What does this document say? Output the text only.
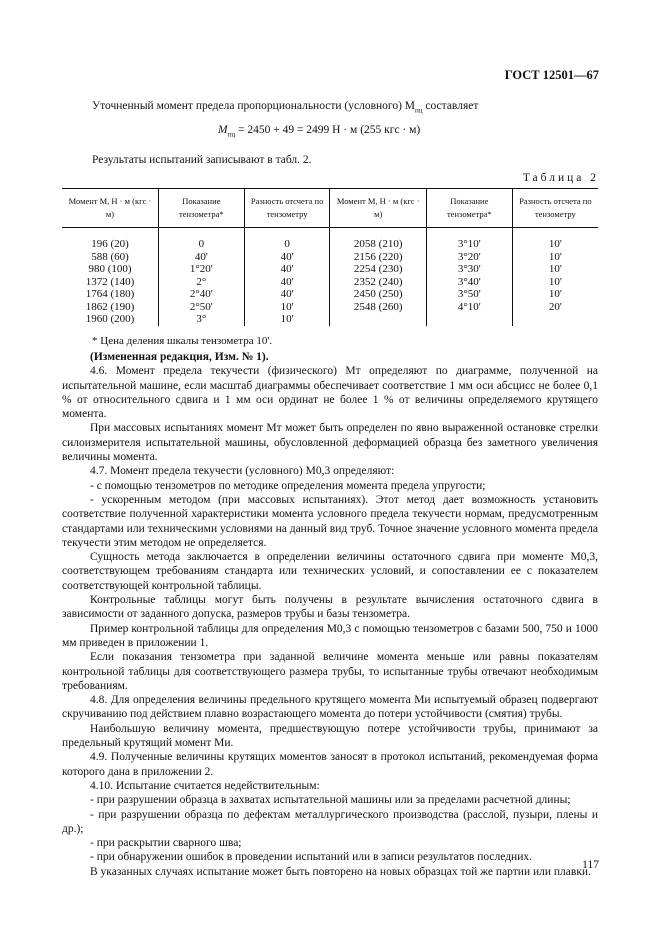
ГОСТ 12501—67
Уточненный момент предела пропорциональности (условного) $M_{пц}$ составляет
$M_{пц} = 2450 + 49 = 2499$ Н · м (255 кгс · м)
Результаты испытаний записывают в табл. 2.
Таблица 2
Момент M, Н · м (кгс · м)	Показание тензометра*	Разность отсчета по тензометру	Момент M, Н · м (кгс · м)	Показание тензометра*	Разность отсчета по тензометру
196 (20)	0	0	2058 (210)	3°10'	10'
588 (60)	40'	40'	2156 (220)	3°20'	10'
980 (100)	1°20'	40'	2254 (230)	3°30'	10'
1372 (140)	2°	40'	2352 (240)	3°40'	10'
1764 (180)	2°40'	40'	2450 (250)	3°50'	10'
1862 (190)	2°50'	10'	2548 (260)	4°10'	20'
1960 (200)	3°	10'			
* Цена деления шкалы тензометра 10'.

(Измененная редакция, Изм. № 1).

4.6. Момент предела текучести (физического) Mт определяют по диаграмме, полученной на испытательной машине, если масштаб диаграммы обеспечивает соответствие 1 мм оси абсцисс не более 0,1 % от относительного сдвига и 1 мм оси ординат не более 1 % от величины определяемого крутящего момента.

При массовых испытаниях момент Mт может быть определен по явно выраженной остановке стрелки силоизмерителя испытательной машины, обусловленной деформацией образца без заметного увеличения величины момента.

4.7. Момент предела текучести (условного) M0,3 определяют:

- с помощью тензометров по методике определения момента предела упругости;

- ускоренным методом (при массовых испытаниях). Этот метод дает возможность установить соответствие полученной характеристики момента условного предела текучести нормам, предусмотренным стандартами или техническими условиями на данный вид труб. Точное значение условного момента предела текучести этим методом не определяется.

Сущность метода заключается в определении величины остаточного сдвига при моменте M0,3, соответствующем требованиям стандарта или технических условий, и сопоставлении ее с показателем соответствующей контрольной таблицы.

Контрольные таблицы могут быть получены в результате вычисления остаточного сдвига в зависимости от заданного допуска, размеров трубы и базы тензометра.

Пример контрольной таблицы для определения M0,3 с помощью тензометров с базами 500, 750 и 1000 мм приведен в приложении 1.

Если показания тензометра при заданной величине момента меньше или равны показателям контрольной таблицы для соответствующего размера трубы, то испытанные трубы отвечают необходимым требованиям.

4.8. Для определения величины предельного крутящего момента Mи испытуемый образец подвергают скручиванию под действием плавно возрастающего момента до потери устойчивости (смятия) трубы.

Наибольшую величину момента, предшествующую потере устойчивости трубы, принимают за предельный крутящий момент Mи.

4.9. Полученные величины крутящих моментов заносят в протокол испытаний, рекомендуемая форма которого дана в приложении 2.

4.10. Испытание считается недействительным:

- при разрушении образца в захватах испытательной машины или за пределами расчетной длины;

- при разрушении образца по дефектам металлургического производства (расслой, пузыри, плены и др.);

- при раскрытии сварного шва;

- при обнаружении ошибок в проведении испытаний или в записи результатов последних.

В указанных случаях испытание может быть повторено на новых образцах той же партии или плавки.

117
